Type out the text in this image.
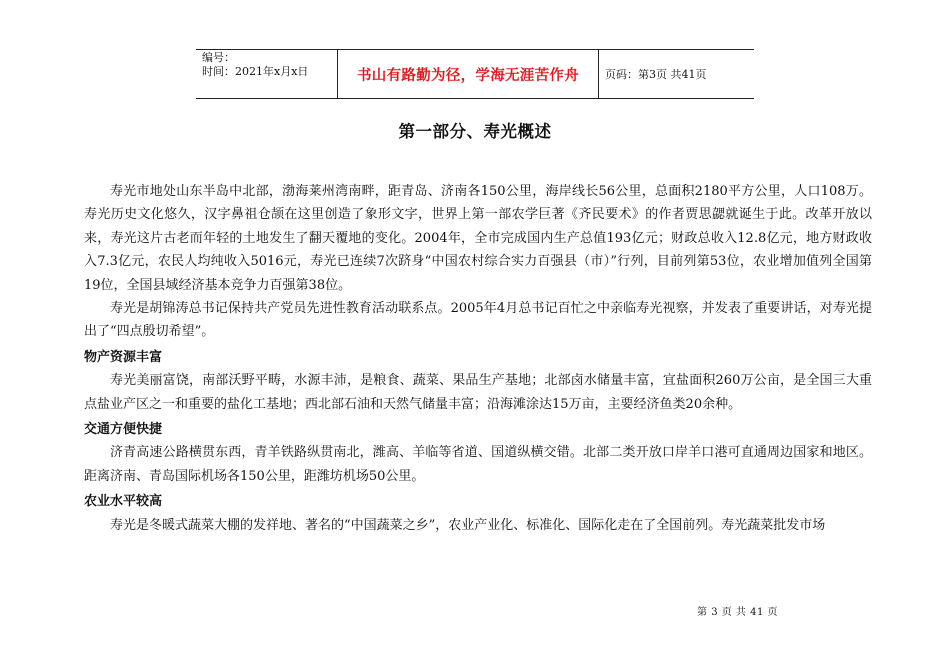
编号：
时间：2021年x月x日	书山有路勤为径，学海无涯苦作舟	页码：第3页 共41页
第一部分、寿光概述

寿光市地处山东半岛中北部，渤海莱州湾南畔，距青岛、济南各150公里，海岸线长56公里，总面积2180平方公里，人口108万。寿光历史文化悠久，汉字鼻祖仓颉在这里创造了象形文字，世界上第一部农学巨著《齐民要术》的作者贾思勰就诞生于此。改革开放以来，寿光这片古老而年轻的土地发生了翻天覆地的变化。2004年，全市完成国内生产总值193亿元；财政总收入12.8亿元，地方财政收入7.3亿元，农民人均纯收入5016元，寿光已连续7次跻身“中国农村综合实力百强县（市）”行列，目前列第53位，农业增加值列全国第19位，全国县域经济基本竞争力百强第38位。

寿光是胡锦涛总书记保持共产党员先进性教育活动联系点。2005年4月总书记百忙之中亲临寿光视察，并发表了重要讲话，对寿光提出了“四点殷切希望”。

物产资源丰富

寿光美丽富饶，南部沃野平畴，水源丰沛，是粮食、蔬菜、果品生产基地；北部卤水储量丰富，宜盐面积260万公亩，是全国三大重点盐业产区之一和重要的盐化工基地；西北部石油和天然气储量丰富；沿海滩涂达15万亩，主要经济鱼类20余种。

交通方便快捷

济青高速公路横贯东西，青羊铁路纵贯南北，潍高、羊临等省道、国道纵横交错。北部二类开放口岸羊口港可直通周边国家和地区。距离济南、青岛国际机场各150公里，距潍坊机场50公里。

农业水平较高

寿光是冬暖式蔬菜大棚的发祥地、著名的“中国蔬菜之乡”，农业产业化、标准化、国际化走在了全国前列。寿光蔬菜批发市场

第 3 页 共 41 页
